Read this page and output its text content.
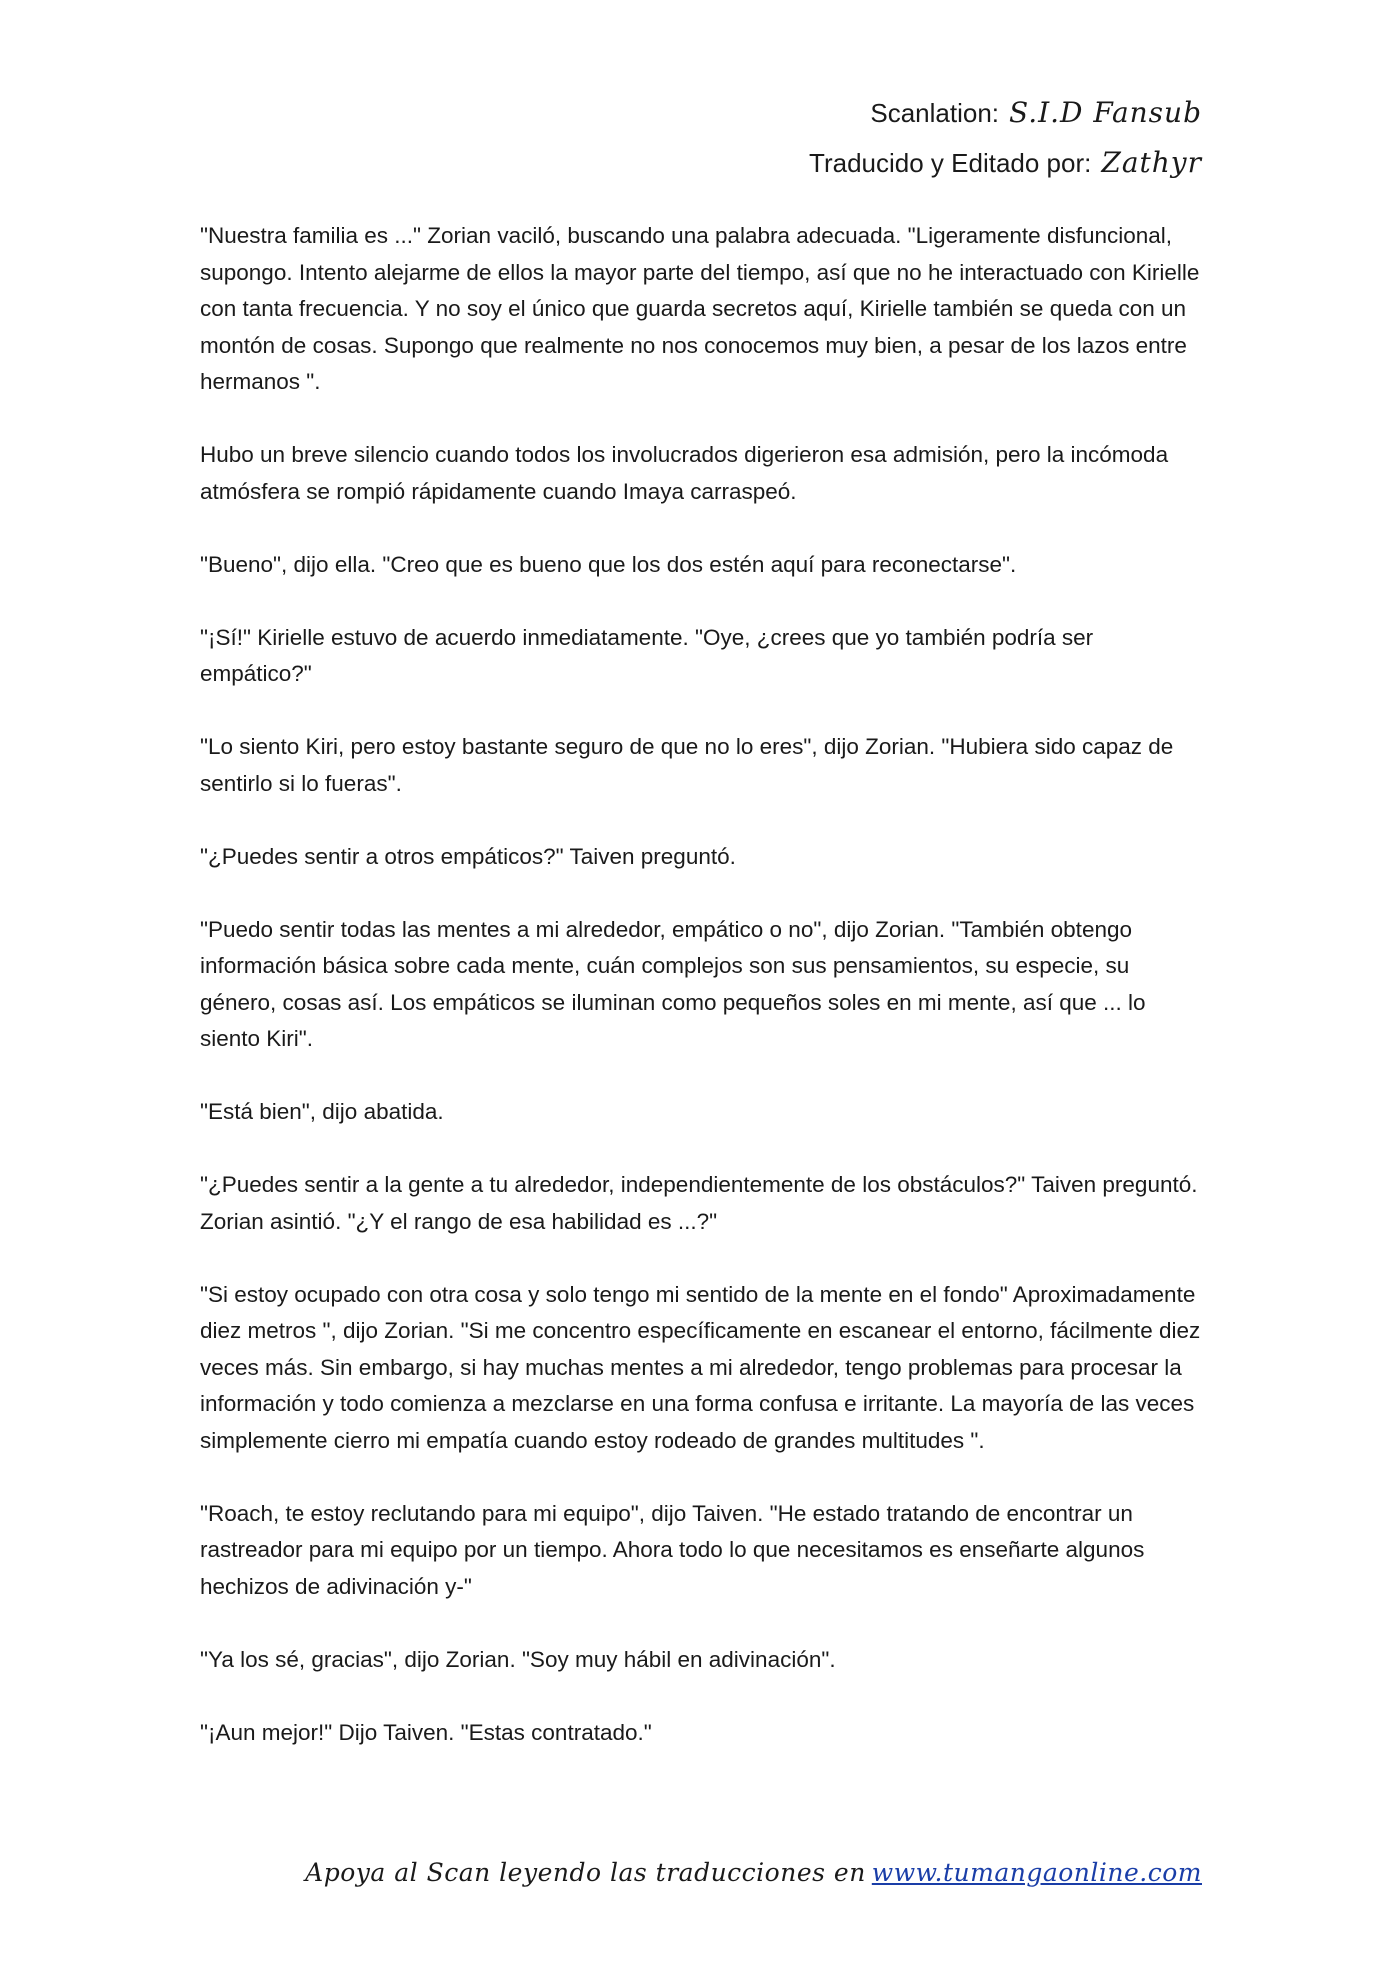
Scanlation: S.I.D Fansub
Traducido y Editado por: Zathyr

"Nuestra familia es ..." Zorian vaciló, buscando una palabra adecuada. "Ligeramente disfuncional, supongo. Intento alejarme de ellos la mayor parte del tiempo, así que no he interactuado con Kirielle con tanta frecuencia. Y no soy el único que guarda secretos aquí, Kirielle también se queda con un montón de cosas. Supongo que realmente no nos conocemos muy bien, a pesar de los lazos entre hermanos ".

Hubo un breve silencio cuando todos los involucrados digerieron esa admisión, pero la incómoda atmósfera se rompió rápidamente cuando Imaya carraspeó.

"Bueno", dijo ella. "Creo que es bueno que los dos estén aquí para reconectarse".

"¡Sí!" Kirielle estuvo de acuerdo inmediatamente. "Oye, ¿crees que yo también podría ser empático?"

"Lo siento Kiri, pero estoy bastante seguro de que no lo eres", dijo Zorian. "Hubiera sido capaz de sentirlo si lo fueras".

"¿Puedes sentir a otros empáticos?" Taiven preguntó.

"Puedo sentir todas las mentes a mi alrededor, empático o no", dijo Zorian. "También obtengo información básica sobre cada mente, cuán complejos son sus pensamientos, su especie, su género, cosas así. Los empáticos se iluminan como pequeños soles en mi mente, así que ... lo siento Kiri".

"Está bien", dijo abatida.

"¿Puedes sentir a la gente a tu alrededor, independientemente de los obstáculos?" Taiven preguntó. Zorian asintió. "¿Y el rango de esa habilidad es ...?"

"Si estoy ocupado con otra cosa y solo tengo mi sentido de la mente en el fondo" Aproximadamente diez metros ", dijo Zorian. "Si me concentro específicamente en escanear el entorno, fácilmente diez veces más. Sin embargo, si hay muchas mentes a mi alrededor, tengo problemas para procesar la información y todo comienza a mezclarse en una forma confusa e irritante. La mayoría de las veces simplemente cierro mi empatía cuando estoy rodeado de grandes multitudes ".

"Roach, te estoy reclutando para mi equipo", dijo Taiven. "He estado tratando de encontrar un rastreador para mi equipo por un tiempo. Ahora todo lo que necesitamos es enseñarte algunos hechizos de adivinación y-"

"Ya los sé, gracias", dijo Zorian. "Soy muy hábil en adivinación".

"¡Aun mejor!" Dijo Taiven. "Estas contratado."

Apoya al Scan leyendo las traducciones en www.tumangaonline.com
